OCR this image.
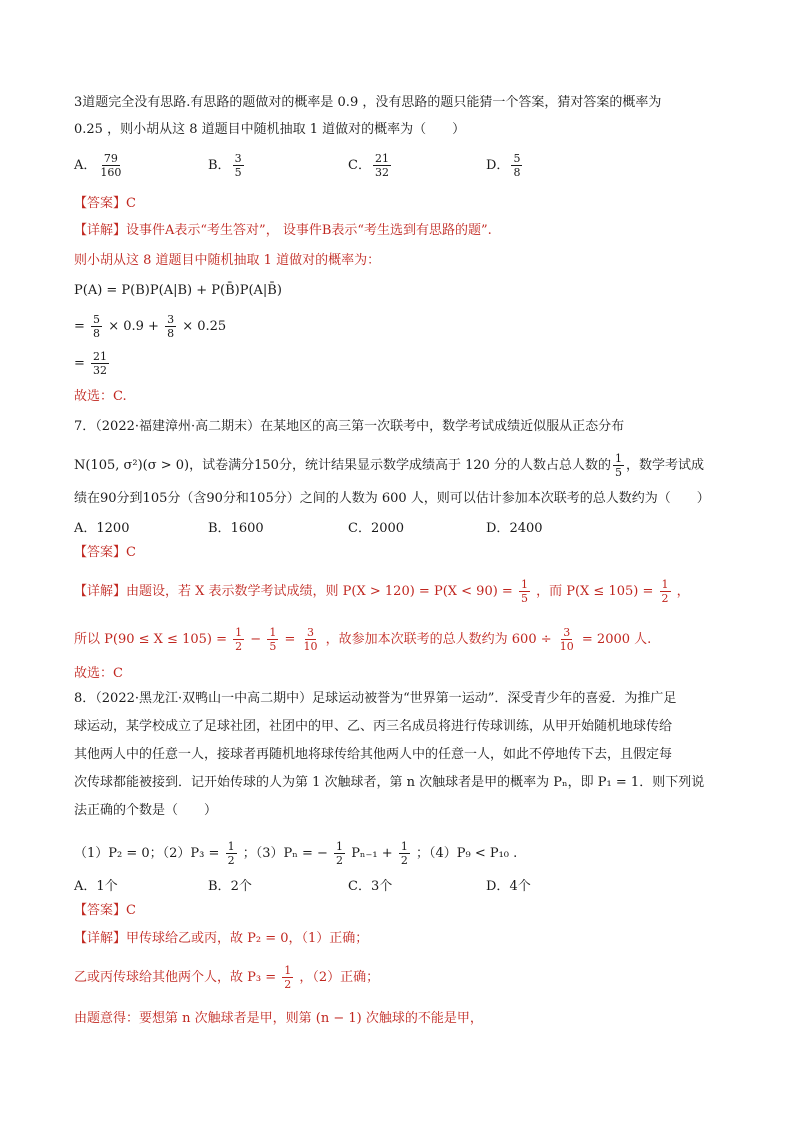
3道题完全没有思路.有思路的题做对的概率是 0.9 ，没有思路的题只能猜一个答案，猜对答案的概率为
0.25 ，则小胡从这 8 道题目中随机抽取 1 道做对的概率为（　　）
A． $\frac{79}{160}$	B． $\frac{3}{5}$	C． $\frac{21}{32}$	D． $\frac{5}{8}$
【答案】C
【详解】设事件A表示“考生答对”， 设事件B表示“考生选到有思路的题”.
则小胡从这 8 道题目中随机抽取 1 道做对的概率为：
P(A) = P(B)P(A|B) + P(B̄)P(A|B̄)
= $\frac{5}{8} \times 0.9 + \frac{3}{8} \times 0.25$
= $\frac{21}{32}$
故选：C.
7．（2022·福建漳州·高二期末）在某地区的高三第一次联考中，数学考试成绩近似服从正态分布
N(105, σ²)(σ > 0)，试卷满分150分，统计结果显示数学成绩高于 120 分的人数占总人数的 $\frac{1}{5}$ ，数学考试成
绩在90分到105分（含90分和105分）之间的人数为 600 人，则可以估计参加本次联考的总人数约为（　　）
A．1200	B．1600	C．2000	D．2400
【答案】C
【详解】由题设，若 X 表示数学考试成绩，则 $P(X > 120) = P(X < 90) = \frac{1}{5}$ ，而 $P(X \le 105) = \frac{1}{2}$ ，
所以 $P(90 \le X \le 105) = \frac{1}{2} - \frac{1}{5} = \frac{3}{10}$ ，故参加本次联考的总人数约为 $600 \div \frac{3}{10} = 2000$ 人.
故选：C
8．（2022·黑龙江·双鸭山一中高二期中）足球运动被誉为“世界第一运动”．深受青少年的喜爱．为推广足
球运动，某学校成立了足球社团，社团中的甲、乙、丙三名成员将进行传球训练，从甲开始随机地球传给
其他两人中的任意一人，接球者再随机地将球传给其他两人中的任意一人，如此不停地传下去，且假定每
次传球都能被接到．记开始传球的人为第 1 次触球者，第 n 次触球者是甲的概率为 Pₙ，即 P₁ = 1．则下列说
法正确的个数是（　　）
（1）P₂ = 0；$(2)P_3 = \frac{1}{2}$ ；（3）Pₙ = − $\frac{1}{2} P_{n-1} + \frac{1}{2}$ ；（4）P₉ < P₁₀ .
A．1个	B．2个	C．3个	D．4个
【答案】C
【详解】甲传球给乙或丙，故 P₂ = 0，（1）正确；
乙或丙传球给其他两个人，故 $P_3 = \frac{1}{2}$ ，（2）正确；
由题意得：要想第 n 次触球者是甲，则第 (n − 1) 次触球的不能是甲，
